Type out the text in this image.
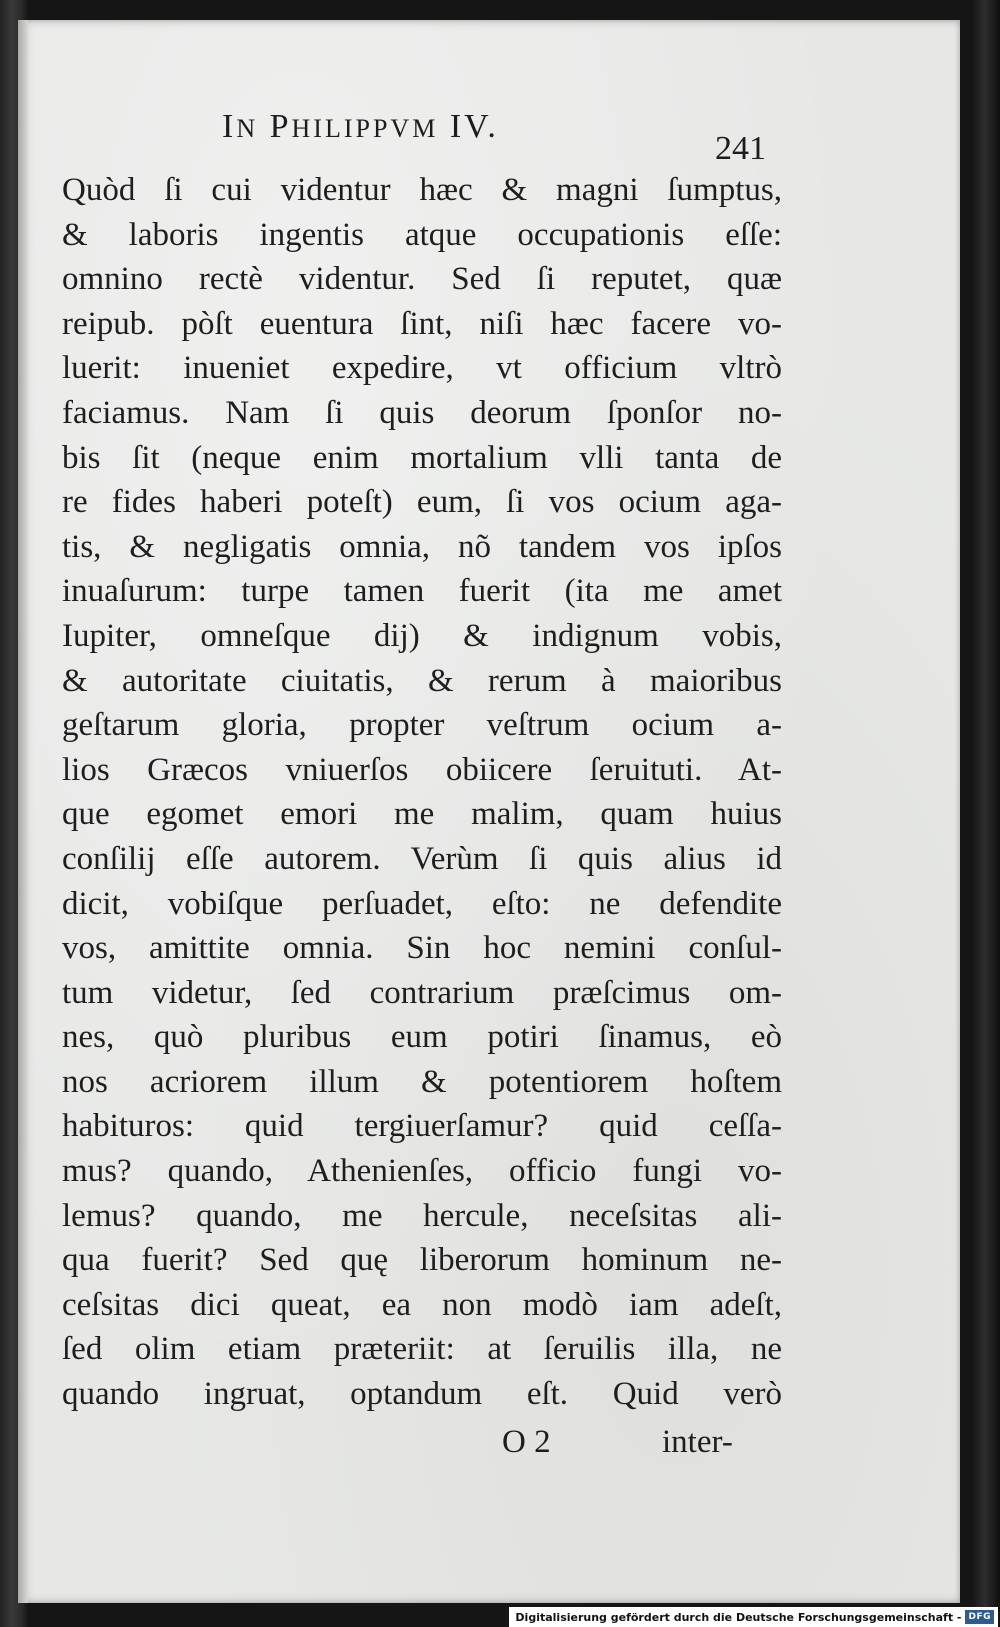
IN PHILIPPVM IV.
241
Quòd ſi cui videntur hæc & magni ſumptus,
& laboris ingentis atque occupationis eſſe:
omnino rectè videntur. Sed ſi reputet, quæ
reipub. pòſt euentura ſint, niſi hæc facere vo-
luerit: inueniet expedire, vt officium vltrò
faciamus. Nam ſi quis deorum ſponſor no-
bis ſit (neque enim mortalium vlli tanta de
re fides haberi poteſt) eum, ſi vos ocium aga-
tis, & negligatis omnia, nõ tandem vos ipſos
inuaſurum: turpe tamen fuerit (ita me amet
Iupiter, omneſque dij) & indignum vobis,
& autoritate ciuitatis, & rerum à maioribus
geſtarum gloria, propter veſtrum ocium a-
lios Græcos vniuerſos obiicere ſeruituti. At-
que egomet emori me malim, quam huius
conſilij eſſe autorem. Verùm ſi quis alius id
dicit, vobiſque perſuadet, eſto: ne defendite
vos, amittite omnia. Sin hoc nemini conſul-
tum videtur, ſed contrarium præſcimus om-
nes, quò pluribus eum potiri ſinamus, eò
nos acriorem illum & potentiorem hoſtem
habituros: quid tergiuerſamur? quid ceſſa-
mus? quando, Athenienſes, officio fungi vo-
lemus? quando, me hercule, neceſsitas ali-
qua fuerit? Sed quę liberorum hominum ne-
ceſsitas dici queat, ea non modò iam adeſt,
ſed olim etiam præteriit: at ſeruilis illa, ne
quando ingruat, optandum eſt. Quid verò
O 2	inter-
Digitalisierung gefördert durch die Deutsche Forschungsgemeinschaft - DFG
